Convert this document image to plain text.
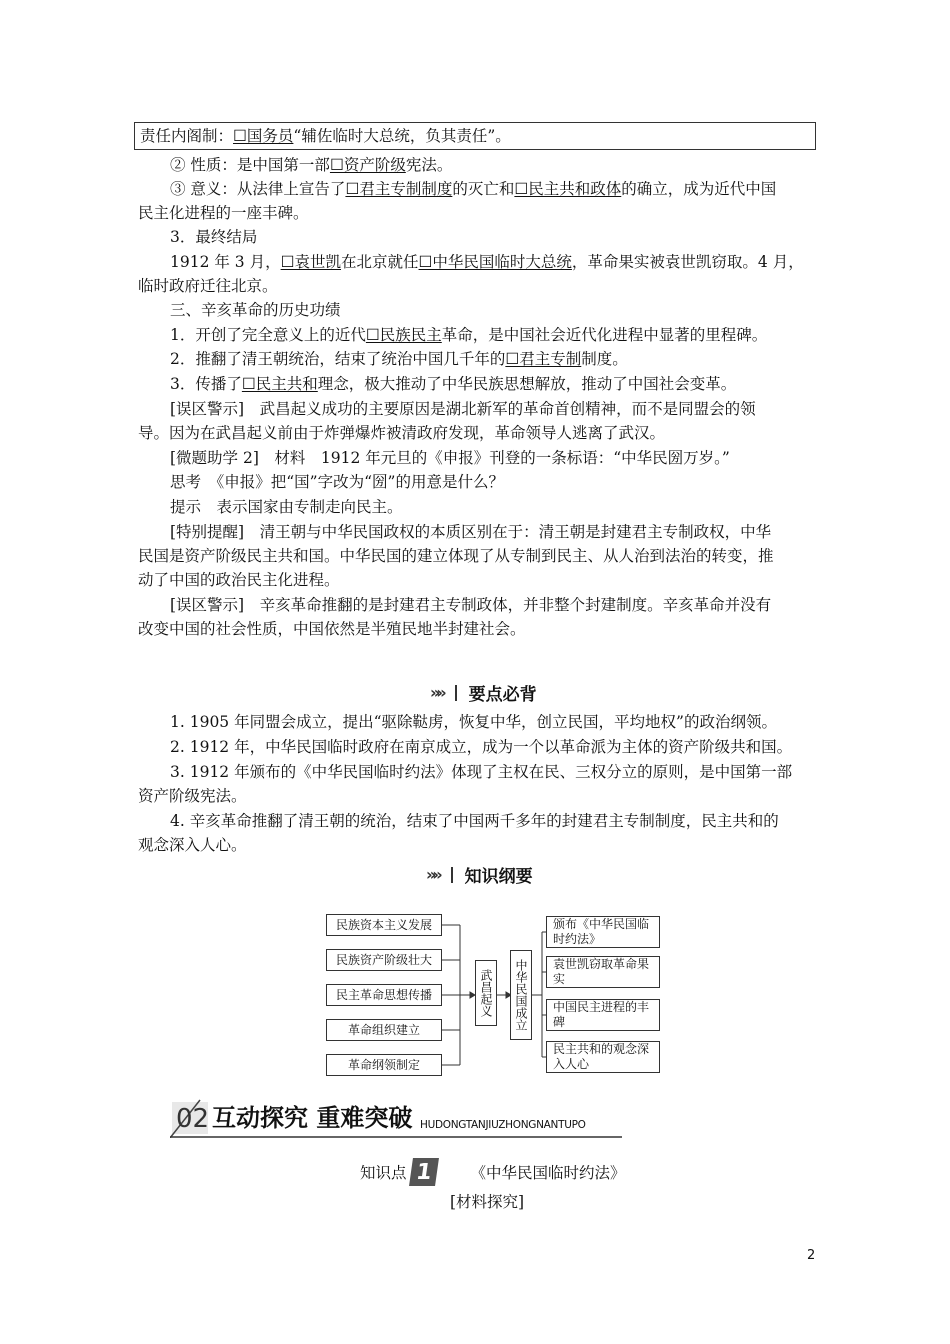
责任内阁制：☐国务员“辅佐临时大总统，负其责任”。
② 性质：是中国第一部☐资产阶级宪法。
③ 意义：从法律上宣告了☐君主专制制度的灭亡和☐民主共和政体的确立，成为近代中国
民主化进程的一座丰碑。
3．最终结局
1912 年 3 月，☐袁世凯在北京就任☐中华民国临时大总统，革命果实被袁世凯窃取。4 月，
临时政府迁往北京。
三、辛亥革命的历史功绩
1．开创了完全意义上的近代☐民族民主革命，是中国社会近代化进程中显著的里程碑。
2．推翻了清王朝统治，结束了统治中国几千年的☐君主专制制度。
3．传播了☐民主共和理念，极大推动了中华民族思想解放，推动了中国社会变革。
[误区警示]　武昌起义成功的主要原因是湖北新军的革命首创精神，而不是同盟会的领
导。因为在武昌起义前由于炸弹爆炸被清政府发现，革命领导人逃离了武汉。
[微题助学 2]　材料　1912 年元旦的《申报》刊登的一条标语：“中华民圀万岁。”
思考　《申报》把“国”字改为“圀”的用意是什么？
提示　表示国家由专制走向民主。
[特别提醒]　清王朝与中华民国政权的本质区别在于：清王朝是封建君主专制政权，中华
民国是资产阶级民主共和国。中华民国的建立体现了从专制到民主、从人治到法治的转变，推
动了中国的政治民主化进程。
[误区警示]　辛亥革命推翻的是封建君主专制政体，并非整个封建制度。辛亥革命并没有
改变中国的社会性质，中国依然是半殖民地半封建社会。
»» 要点必背
1. 1905 年同盟会成立，提出“驱除鞑虏，恢复中华，创立民国，平均地权”的政治纲领。
2. 1912 年，中华民国临时政府在南京成立，成为一个以革命派为主体的资产阶级共和国。
3. 1912 年颁布的《中华民国临时约法》体现了主权在民、三权分立的原则，是中国第一部
资产阶级宪法。
4. 辛亥革命推翻了清王朝的统治，结束了中国两千多年的封建君主专制制度，民主共和的
观念深入人心。
»» 知识纲要
民族资本主义发展
民族资产阶级壮大
民主革命思想传播
革命组织建立
革命纲领制定
武昌起义	中华民国成立
颁布《中华民国临时约法》
袁世凯窃取革命果实
中国民主进程的丰碑
民主共和的观念深入人心
02 互动探究 重难突破 HUDONGTANJIUZHONGNANTUPO
知识点 1	《中华民国临时约法》
[材料探究]
2
